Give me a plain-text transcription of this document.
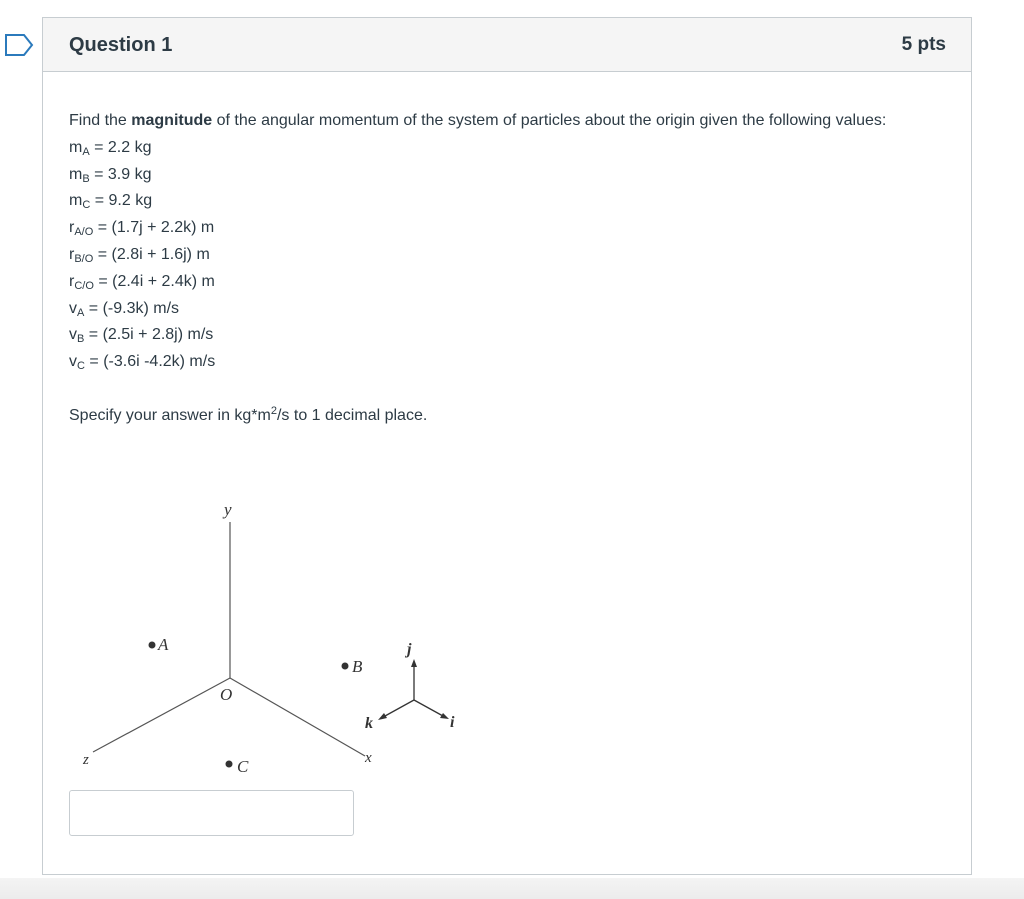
Question 1	5 pts
Find the magnitude of the angular momentum of the system of particles about the origin given the following values:
$m_A = 2.2$ kg
$m_B = 3.9$ kg
$m_C = 9.2$ kg
$r_{A/O} = (1.7j + 2.2k)$ m
$r_{B/O} = (2.8i + 1.6j)$ m
$r_{C/O} = (2.4i + 2.4k)$ m
$v_A = (-9.3k)$ m/s
$v_B = (2.5i + 2.8j)$ m/s
$v_C = (-3.6i$ -4.2k) m/s
Specify your answer in $kg*m^2/s$ to 1 decimal place.
y
z	x
O
A
B
C
j
i
k
